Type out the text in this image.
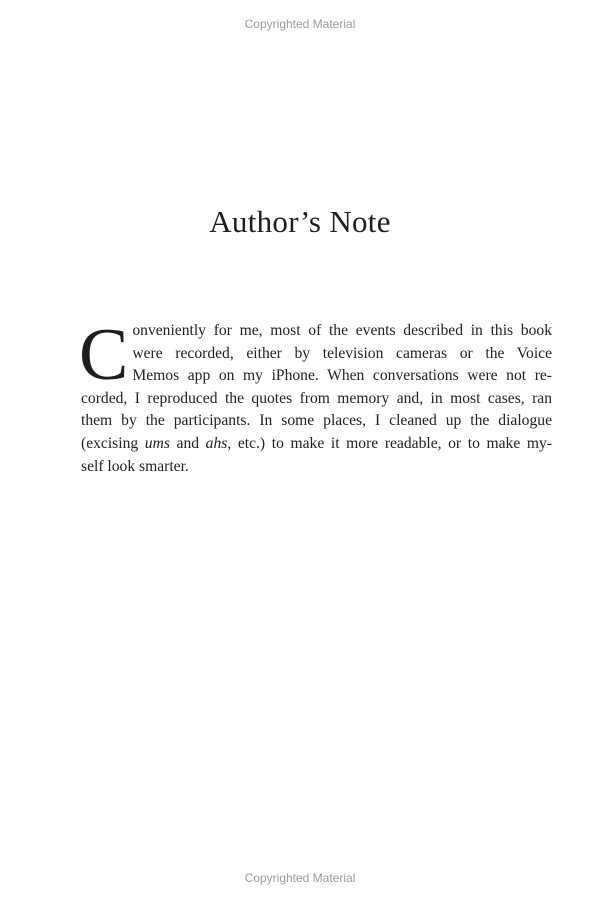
Copyrighted Material
Author’s Note
C onveniently for me, most of the events described in this book
were recorded, either by television cameras or the Voice
Memos app on my iPhone. When conversations were not re-
corded, I reproduced the quotes from memory and, in most cases, ran
them by the participants. In some places, I cleaned up the dialogue
(excising ums and ahs, etc.) to make it more readable, or to make my-
self look smarter.
Copyrighted Material
